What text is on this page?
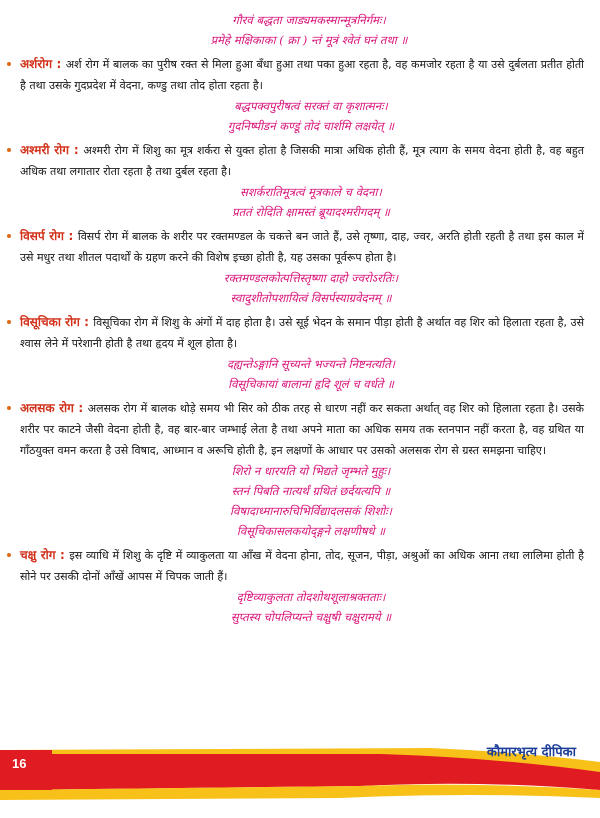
गौरवं बद्धता जाड्यमकस्मान्मूत्रनिर्गमः।
प्रमेहे मक्षिकाका ( क्रा ) न्तं मूत्रं श्वेतं घनं तथा ॥

अर्शरोग : अर्श रोग में बालक का पुरीष रक्त से मिला हुआ बँधा हुआ तथा पका हुआ रहता है, वह कमजोर रहता है या उसे दुर्बलता प्रतीत होती है तथा उसके गुदप्रदेश में वेदना, कण्डु तथा तोद होता रहता है।

बद्धपक्वपुरीषत्वं सरक्तं वा कृशात्मनः।
गुदनिष्पीडनं कण्डूं तोदं चार्शमि लक्षयेत् ॥

अश्मरी रोग : अश्मरी रोग में शिशु का मूत्र शर्करा से युक्त होता है जिसकी मात्रा अधिक होती हैं, मूत्र त्याग के समय वेदना होती है, वह बहुत अधिक तथा लगातार रोता रहता है तथा दुर्बल रहता है।

सशर्करातिमूत्रत्वं मूत्रकाले च वेदना।
प्रततं रोदिति क्षामस्तं ब्रूयादश्मरीगदम् ॥

विसर्प रोग : विसर्प रोग में बालक के शरीर पर रक्तमण्डल के चकत्ते बन जाते हैं, उसे तृष्णा, दाह, ज्वर, अरति होती रहती है तथा इस काल में उसे मधुर तथा शीतल पदार्थों के ग्रहण करने की विशेष इच्छा होती है, यह उसका पूर्वरूप होता है।

रक्तमण्डलकोत्पत्तिस्तृष्णा दाहो ज्वरोऽरतिः।
स्वादुशीतोपशायित्वं विसर्पस्याग्रवेदनम् ॥

विसूचिका रोग : विसूचिका रोग में शिशु के अंगों में दाह होता है। उसे सूई भेदन के समान पीड़ा होती है अर्थात वह शिर को हिलाता रहता है, उसे श्वास लेने में परेशानी होती है तथा हृदय में शूल होता है।

दह्यन्तेऽङ्गानि सूच्यन्ते भज्यन्ते निष्टनत्यति।
विसूचिकायां बालानां हृदि शूलं च वर्धते ॥

अलसक रोग : अलसक रोग में बालक थोड़े समय भी सिर को ठीक तरह से धारण नहीं कर सकता अर्थात् वह शिर को हिलाता रहता है। उसके शरीर पर काटने जैसी वेदना होती है, वह बार-बार जम्भाई लेता है तथा अपने माता का अधिक समय तक स्तनपान नहीं करता है, वह ग्रथित या गाँठयुक्त वमन करता है उसे विषाद, आध्मान व अरूचि होती है, इन लक्षणों के आधार पर उसको अलसक रोग से ग्रस्त समझना चाहिए।

शिरो न धारयति यो भिद्यते जृम्भते मुहुः।
स्तनं पिबति नात्यर्थं ग्रथितं छर्दयत्यपि ॥
विषादाध्मानारुचिभिर्विद्यादलसकं शिशोः।
विसूचिकासलकयोद्ङ्गने लक्षणीषधे ॥

चक्षु रोग : इस व्याधि में शिशु के दृष्टि में व्याकुलता या आँख में वेदना होना, तोद, सूजन, पीड़ा, अश्रुओं का अधिक आना तथा लालिमा होती है सोने पर उसकी दोनों आँखें आपस में चिपक जाती हैं।

दृष्टिव्याकुलता तोदशोथशूलाश्रक्तताः।
सुप्तस्य चोपलिप्यन्ते चक्षुषी चक्षुरामये ॥
16
कौमारभृत्य दीपिका
